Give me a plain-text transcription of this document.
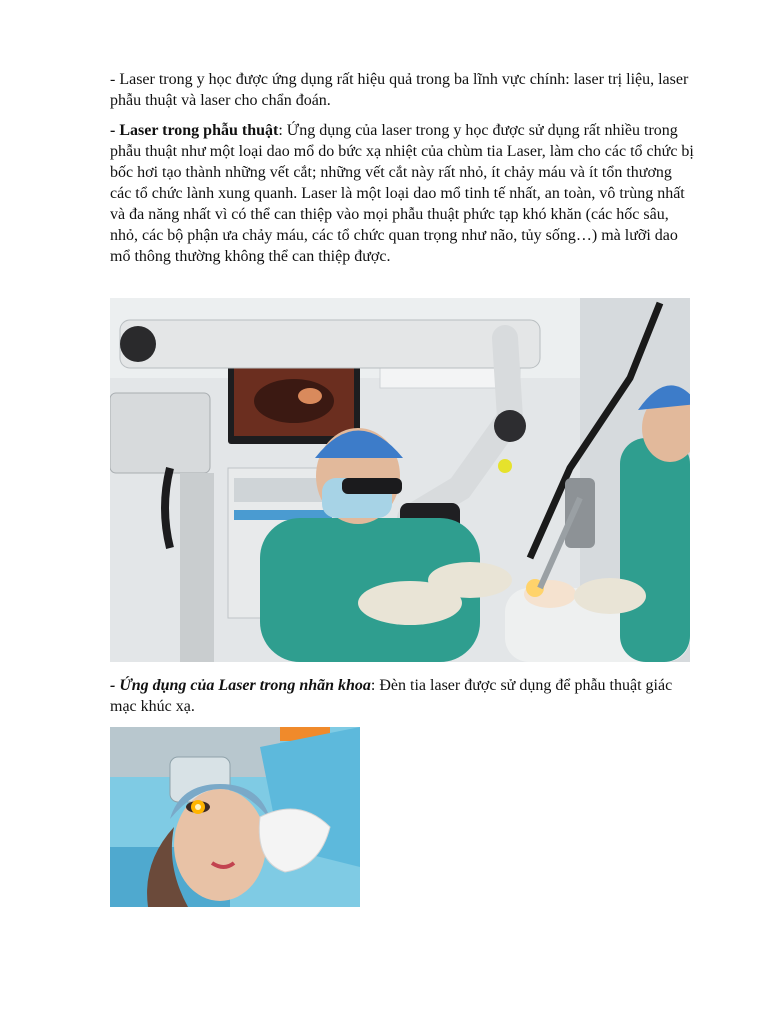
- Laser trong y học được ứng dụng rất hiệu quả trong ba lĩnh vực chính: laser trị liệu, laser phẫu thuật và laser cho chẩn đoán.

- Laser trong phẫu thuật: Ứng dụng của laser trong y học được sử dụng rất nhiều trong phẫu thuật như một loại dao mổ do bức xạ nhiệt của chùm tia Laser, làm cho các tổ chức bị bốc hơi tạo thành những vết cắt; những vết cắt này rất nhỏ, ít chảy máu và ít tổn thương các tổ chức lành xung quanh. Laser là một loại dao mổ tinh tế nhất, an toàn, vô trùng nhất và đa năng nhất vì có thể can thiệp vào mọi phẫu thuật phức tạp khó khăn (các hốc sâu, nhỏ, các bộ phận ưa chảy máu, các tổ chức quan trọng như não, tủy sống…) mà lưỡi dao mổ thông thường không thể can thiệp được.

- Ứng dụng của Laser trong nhãn khoa: Đèn tia laser được sử dụng để phẫu thuật giác mạc khúc xạ.
